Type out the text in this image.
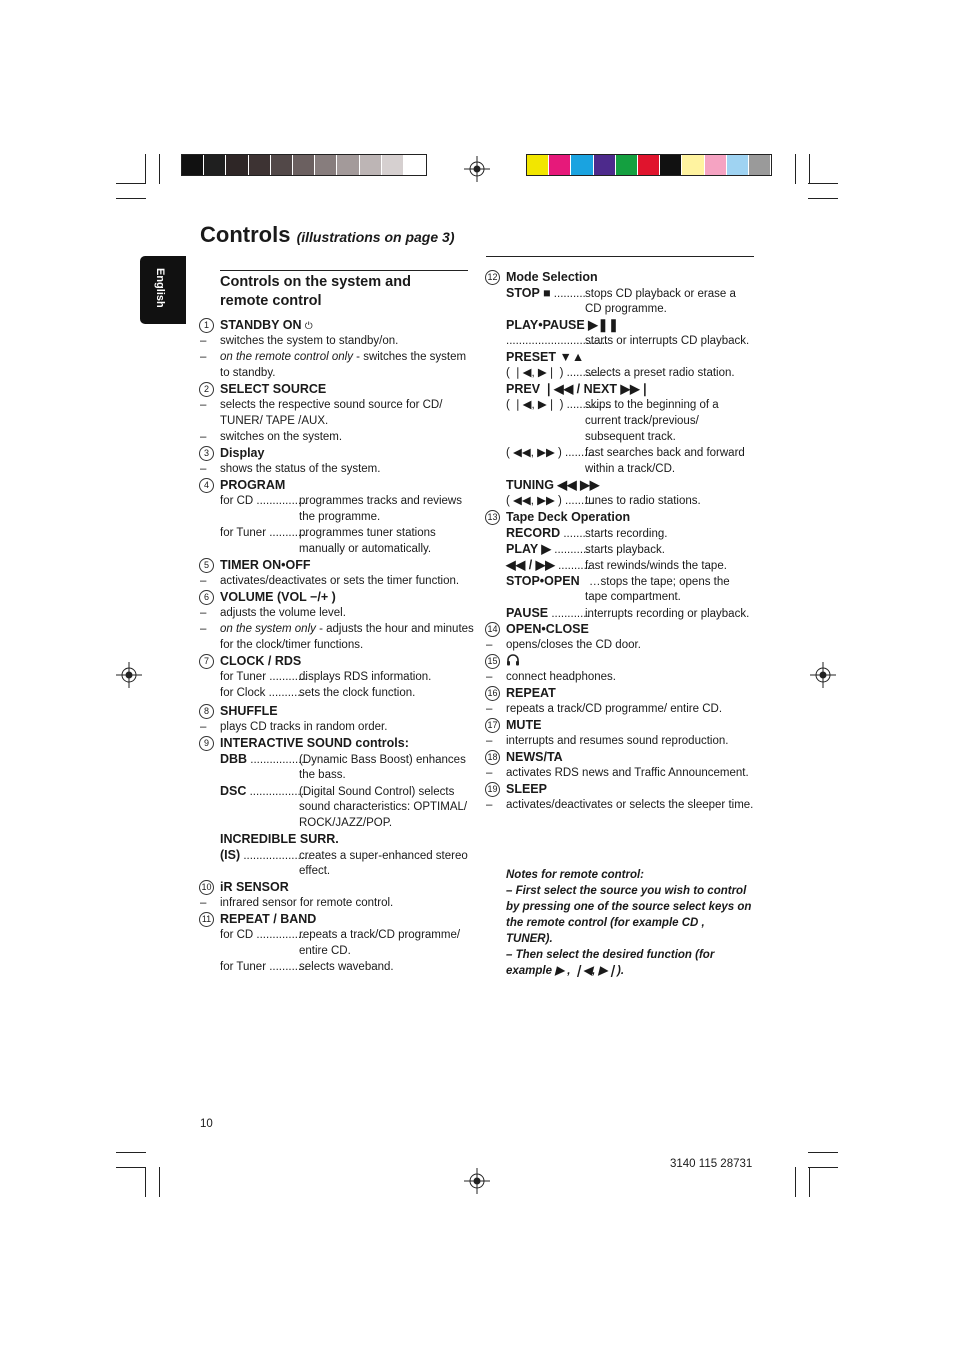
Controls (illustrations on page 3)
English	Controls on the system and
remote control
1 STANDBY ON ⏻
– switches the system to standby/on.
– on the remote control only - switches the system
to standby.
2 SELECT SOURCE
– selects the respective sound source for CD/
TUNER/ TAPE /AUX.
– switches on the system.
3 Display
– shows the status of the system.
4 PROGRAM
for CD ................programmes tracks and reviews
the programme.
for Tuner ............programmes tuner stations
manually or automatically.
5 TIMER ON•OFF
– activates/deactivates or sets the timer function.
6 VOLUME (VOL −/+ )
– adjusts the volume level.
– on the system only - adjusts the hour and minutes
for the clock/timer functions.
7 CLOCK / RDS
for Tuner ............displays RDS information.
for Clock ...........sets the clock function.
8 SHUFFLE
– plays CD tracks in random order.
9 INTERACTIVE SOUND controls:
DBB ..................(Dynamic Bass Boost) enhances
the bass.
DSC ..................(Digital Sound Control) selects
sound characteristics: OPTIMAL/
ROCK/JAZZ/POP.
INCREDIBLE SURR.
(IS) .....................creates a super-enhanced stereo
effect.
10 iR SENSOR
– infrared sensor for remote control.
11 REPEAT / BAND
for CD ...............repeats a track/CD programme/
entire CD.
for Tuner ............selects waveband.
12 Mode Selection
STOP ■ ..........stops CD playback or erase a
CD programme.
PLAY•PAUSE ▶❚❚
................................starts or interrupts CD playback.
PRESET ▼▲
( ❘◀, ▶❘ ) ............selects a preset radio station.
PREV ❘◀◀ / NEXT ▶▶❘
( ❘◀, ▶❘ ) ..............skips to the beginning of a
current track/previous/
subsequent track.
( ◀◀, ▶▶ ) .........fast searches back and forward
within a track/CD.
TUNING ◀◀ ▶▶
( ◀◀, ▶▶ ) .........tunes to radio stations.
13 Tape Deck Operation
RECORD .......starts recording.
PLAY ▶ ...........starts playback.
◀◀ / ▶▶ ..........fast rewinds/winds the tape.
STOP•OPEN …stops the tape; opens the
tape compartment.
PAUSE ............interrupts recording or playback.
14 OPEN•CLOSE
– opens/closes the CD door.
15
– connect headphones.
16 REPEAT
– repeats a track/CD programme/ entire CD.
17 MUTE
– interrupts and resumes sound reproduction.
18 NEWS/TA
– activates RDS news and Traffic Announcement.
19 SLEEP
– activates/deactivates or selects the sleeper time.
Notes for remote control:
– First select the source you wish to control
by pressing one of the source select keys on
the remote control (for example CD ,
TUNER).
– Then select the desired function (for
example ▶ , ❘◀, ▶❘).
10
3140 115 28731
